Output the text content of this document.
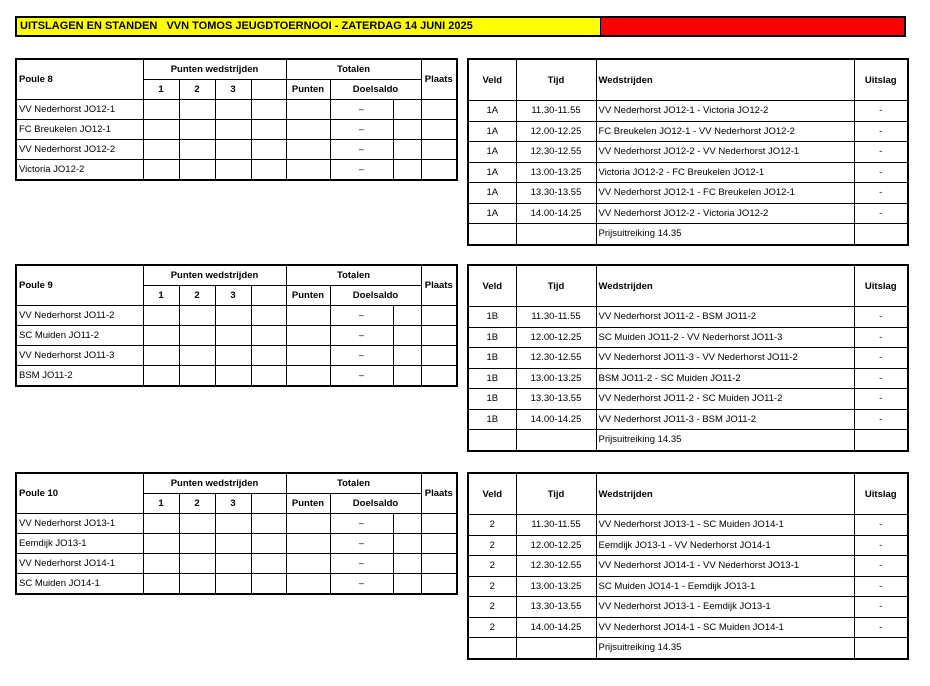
UITSLAGEN EN STANDEN   VVN TOMOS JEUGDTOERNOOI - ZATERDAG 14 JUNI 2025
Poule 8	Punten wedstrijden				Totalen			Plaats
	1	2	3		Punten	Doelsaldo		
VV Nederhorst JO12-1						–		
FC Breukelen JO12-1						–		
VV Nederhorst JO12-2						–		
Victoria JO12-2						–		
Veld	Tijd	Wedstrijden	Uitslag
1A	11.30-11.55	VV Nederhorst JO12-1 - Victoria JO12-2	-
1A	12.00-12.25	FC Breukelen JO12-1 - VV Nederhorst JO12-2	-
1A	12.30-12.55	VV Nederhorst JO12-2 - VV Nederhorst JO12-1	-
1A	13.00-13.25	Victoria JO12-2 - FC Breukelen JO12-1	-
1A	13.30-13.55	VV Nederhorst JO12-1 - FC Breukelen JO12-1	-
1A	14.00-14.25	VV Nederhorst JO12-2 - Victoria JO12-2	-
		Prijsuitreiking 14.35	
Poule 9	Punten wedstrijden				Totalen			Plaats
	1	2	3		Punten	Doelsaldo		
VV Nederhorst JO11-2						–		
SC Muiden JO11-2						–		
VV Nederhorst JO11-3						–		
BSM JO11-2						–		
Veld	Tijd	Wedstrijden	Uitslag
1B	11.30-11.55	VV Nederhorst JO11-2 - BSM JO11-2	-
1B	12.00-12.25	SC Muiden JO11-2 - VV Nederhorst JO11-3	-
1B	12.30-12.55	VV Nederhorst JO11-3 - VV Nederhorst JO11-2	-
1B	13.00-13.25	BSM JO11-2 - SC Muiden JO11-2	-
1B	13.30-13.55	VV Nederhorst JO11-2 - SC Muiden JO11-2	-
1B	14.00-14.25	VV Nederhorst JO11-3 - BSM JO11-2	-
		Prijsuitreiking 14.35	
Poule 10	Punten wedstrijden				Totalen			Plaats
	1	2	3		Punten	Doelsaldo		
VV Nederhorst JO13-1						–		
Eemdijk JO13-1						–		
VV Nederhorst JO14-1						–		
SC Muiden JO14-1						–		
Veld	Tijd	Wedstrijden	Uitslag
2	11.30-11.55	VV Nederhorst JO13-1 - SC Muiden JO14-1	-
2	12.00-12.25	Eemdijk JO13-1 - VV Nederhorst JO14-1	-
2	12.30-12.55	VV Nederhorst JO14-1 - VV Nederhorst JO13-1	-
2	13.00-13.25	SC Muiden JO14-1 - Eemdijk JO13-1	-
2	13.30-13.55	VV Nederhorst JO13-1 - Eemdijk JO13-1	-
2	14.00-14.25	VV Nederhorst JO14-1 - SC Muiden JO14-1	-
		Prijsuitreiking 14.35	
